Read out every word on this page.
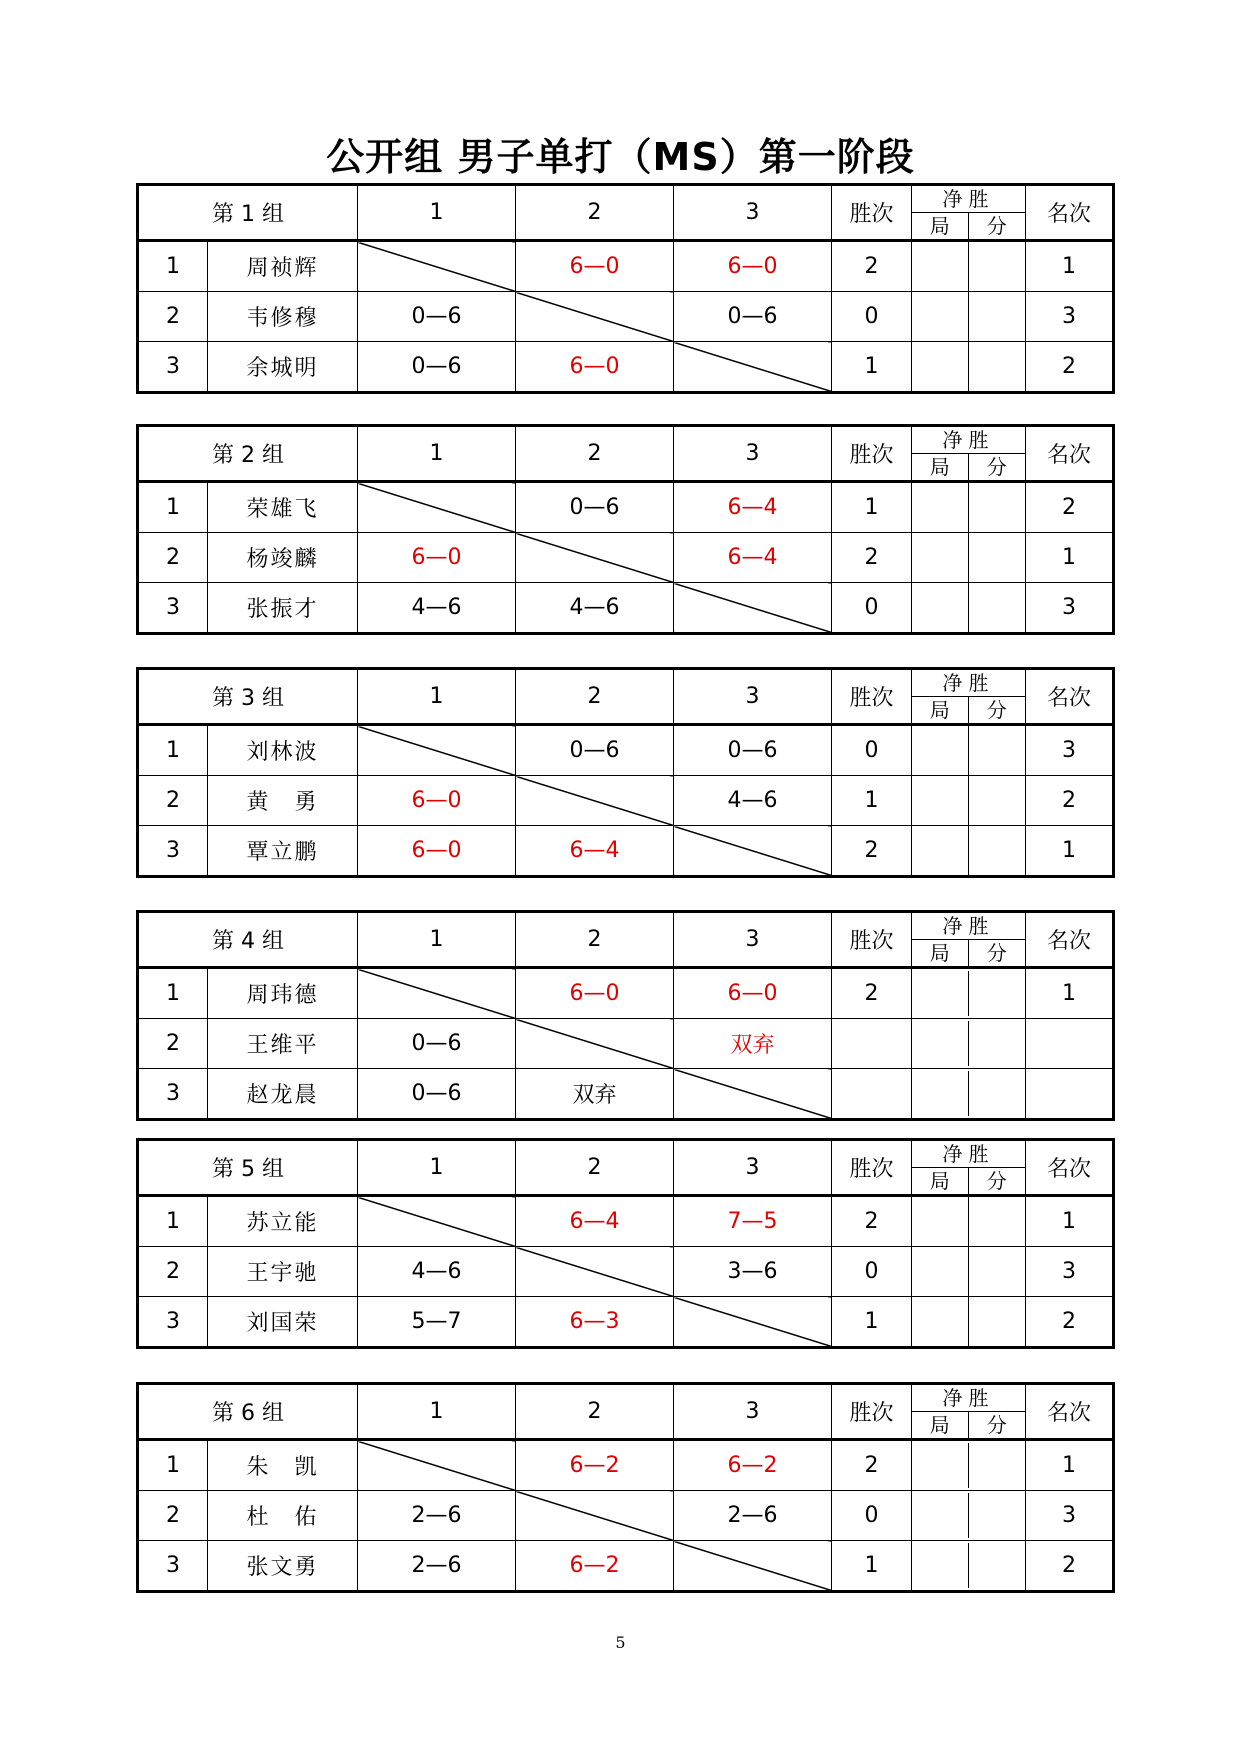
公开组 男子单打（MS）第一阶段
第 1 组		1	2	3	胜次	净胜
局 分	名次
1	周祯辉		6—0	6—0	2		1
2	韦修穆	0—6		0—6	0		3
3	余城明	0—6	6—0		1		2
第 2 组		1	2	3	胜次	净胜
局 分	名次
1	荣雄飞		0—6	6—4	1		2
2	杨竣麟	6—0		6—4	2		1
3	张振才	4—6	4—6		0		3
第 3 组		1	2	3	胜次	净胜
局 分	名次
1	刘林波		0—6	0—6	0		3
2	黄　勇	6—0		4—6	1		2
3	覃立鹏	6—0	6—4		2		1
第 4 组		1	2	3	胜次	净胜
局 分	名次
1	周玮德		6—0	6—0	2		1
2	王维平	0—6		双弃		

3	赵龙晨	0—6	双弃			

第 5 组		1	2	3	胜次	净胜
局 分	名次
1	苏立能		6—4	7—5	2		1
2	王宇驰	4—6		3—6	0		3
3	刘国荣	5—7	6—3		1		2
第 6 组		1	2	3	胜次	净胜
局 分	名次
1	朱　凯		6—2	6—2	2		1
2	杜　佑	2—6		2—6	0		3
3	张文勇	2—6	6—2		1		2
5
